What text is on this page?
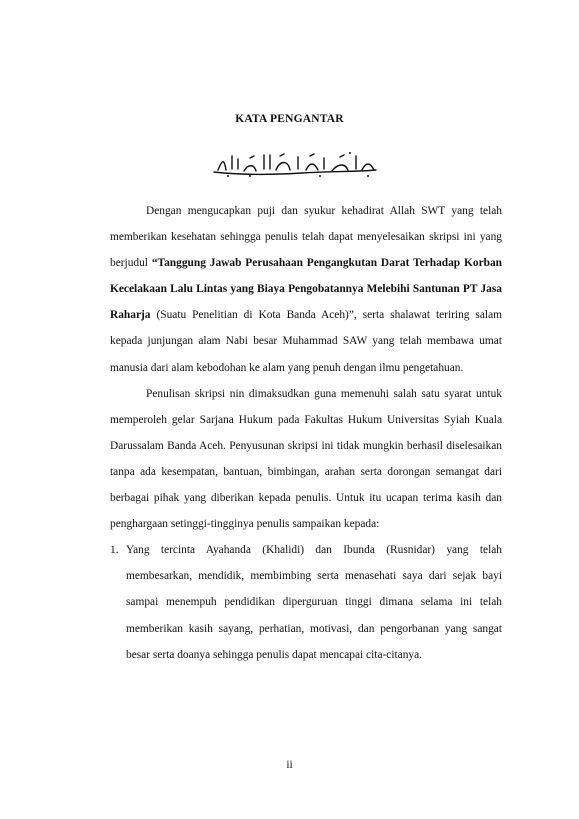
KATA PENGANTAR

Dengan mengucapkan puji dan syukur kehadirat Allah SWT yang telah memberikan kesehatan sehingga penulis telah dapat menyelesaikan skripsi ini yang berjudul “Tanggung Jawab Perusahaan Pengangkutan Darat Terhadap Korban Kecelakaan Lalu Lintas yang Biaya Pengobatannya Melebihi Santunan PT Jasa Raharja (Suatu Penelitian di Kota Banda Aceh)”, serta shalawat teriring salam kepada junjungan alam Nabi besar Muhammad SAW yang telah membawa umat manusia dari alam kebodohan ke alam yang penuh dengan ilmu pengetahuan.

Penulisan skripsi nin dimaksudkan guna memenuhi salah satu syarat untuk memperoleh gelar Sarjana Hukum pada Fakultas Hukum Universitas Syiah Kuala Darussalam Banda Aceh. Penyusunan skripsi ini tidak mungkin berhasil diselesaikan tanpa ada kesempatan, bantuan, bimbingan, arahan serta dorongan semangat dari berbagai pihak yang diberikan kepada penulis. Untuk itu ucapan terima kasih dan penghargaan setinggi-tingginya penulis sampaikan kepada:

1. Yang tercinta Ayahanda (Khalidi) dan Ibunda (Rusnidar) yang telah membesarkan, mendidik, membimbing serta menasehati saya dari sejak bayi sampai menempuh pendidikan diperguruan tinggi dimana selama ini telah memberikan kasih sayang, perhatian, motivasi, dan pengorbanan yang sangat besar serta doanya sehingga penulis dapat mencapai cita-citanya.
ii
